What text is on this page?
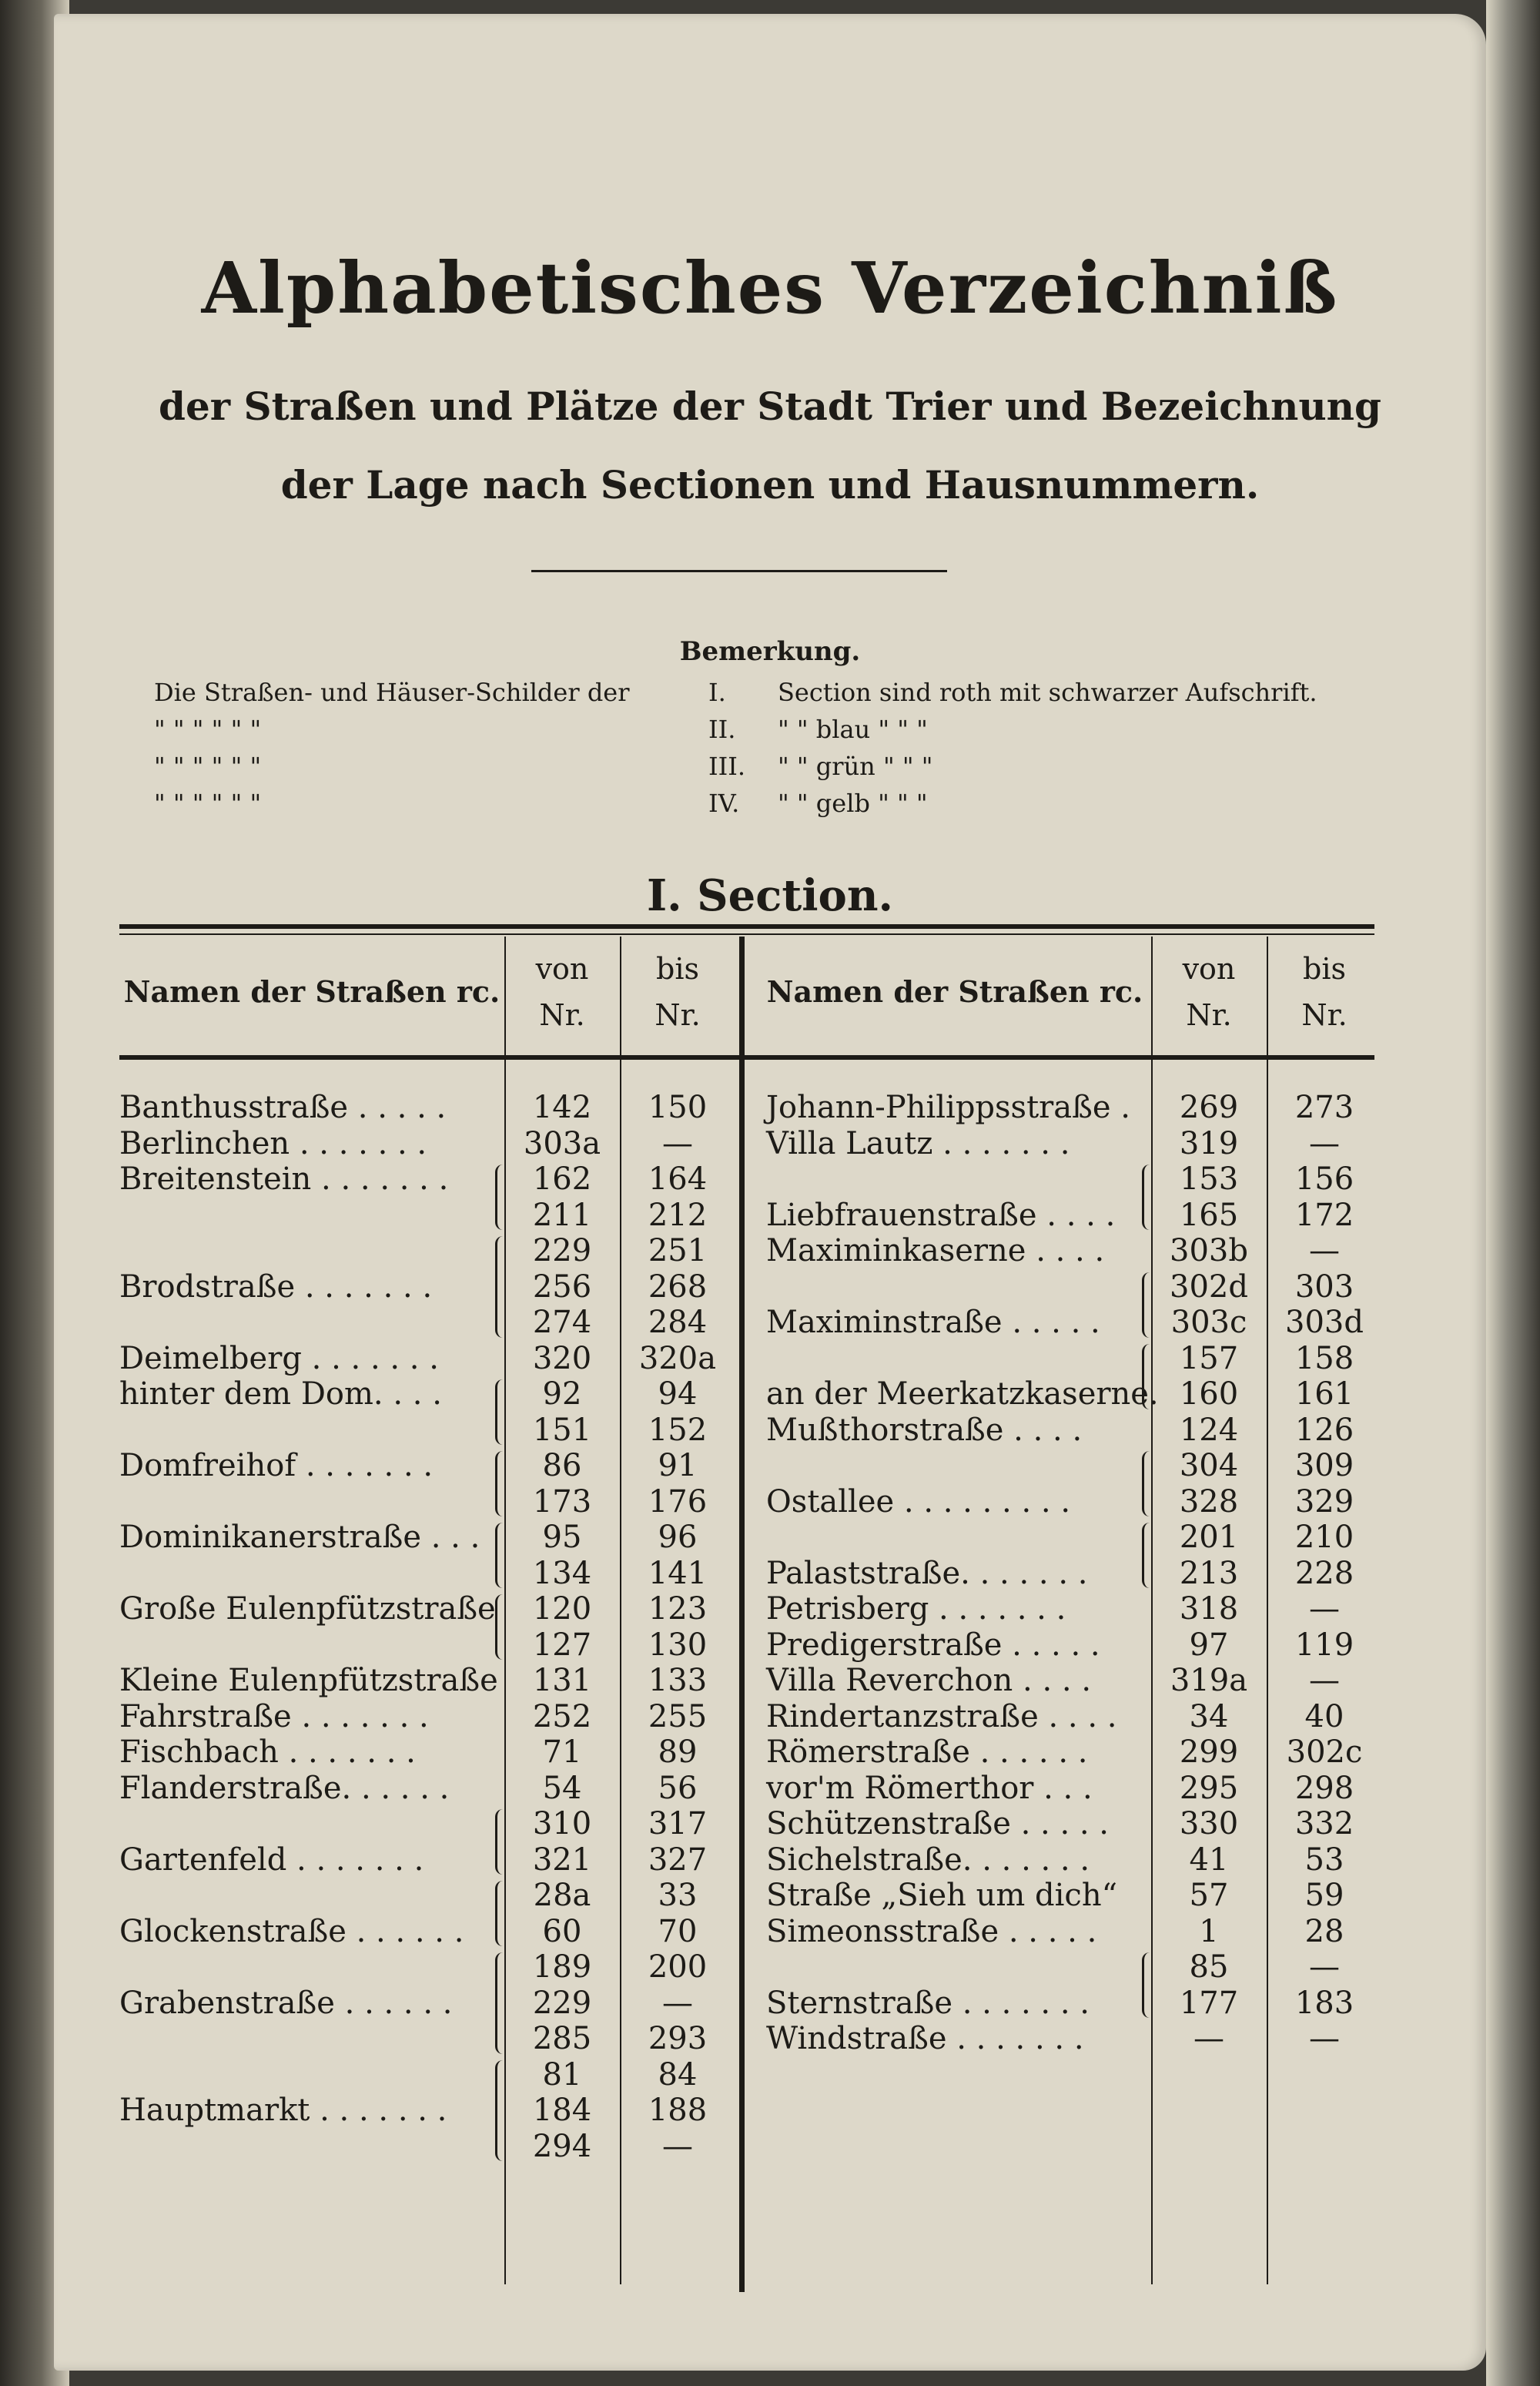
Alphabetisches Verzeichniß
der Straßen und Plätze der Stadt Trier und Bezeichnung
der Lage nach Sectionen und Hausnummern.
Bemerkung.
Die Straßen- und Häuser-Schilder der	I. Section sind roth mit schwarzer Aufschrift.
" " " " " "	II. " " blau " " "
" " " " " "	III. " " grün " " "
" " " " " "	IV. " " gelb " " "
I. Section.
Namen der Straßen rc.
von
Nr.
bis
Nr.
Namen der Straßen rc.
von
Nr.
bis
Nr.
Banthusstraße . . . . .	142	150
Berlinchen . . . . . . .	303a	—
Breitenstein . . . . . . .	162	164
211	212
229	251
Brodstraße . . . . . . .	256	268
274	284
Deimelberg . . . . . . .	320	320a
hinter dem Dom. . . .	92	94
151	152
Domfreihof . . . . . . .	86	91
173	176
Dominikanerstraße . . .	95	96
134	141
Große Eulenpfützstraße	120	123
127	130
Kleine Eulenpfützstraße	131	133
Fahrstraße . . . . . . .	252	255
Fischbach . . . . . . .	71	89
Flanderstraße. . . . . .	54	56
310	317
Gartenfeld . . . . . . .	321	327
28a	33
Glockenstraße . . . . . .	60	70
189	200
Grabenstraße . . . . . .	229	—
285	293
81	84
Hauptmarkt . . . . . . .	184	188
294	—
Johann-Philippsstraße .	269	273
Villa Lautz . . . . . . .	319	—
153	156
Liebfrauenstraße . . . .	165	172
Maximinkaserne . . . .	303b	—
302d	303
Maximinstraße . . . . .	303c	303d
157	158
an der Meerkatzkaserne. 160	161
Mußthorstraße . . . .	124	126
304	309
Ostallee . . . . . . . . .	328	329
201	210
Palaststraße. . . . . . .	213	228
Petrisberg . . . . . . .	318	—
Predigerstraße . . . . .	97	119
Villa Reverchon . . . .	319a	—
Rindertanzstraße . . . .	34	40
Römerstraße . . . . . .	299	302c
vor'm Römerthor . . .	295	298
Schützenstraße . . . . .	330	332
Sichelstraße. . . . . . .	41	53
Straße „Sieh um dich“	57	59
Simeonsstraße . . . . .	1	28
85	—
Sternstraße . . . . . . .	177	183
Windstraße . . . . . . .	—	—
